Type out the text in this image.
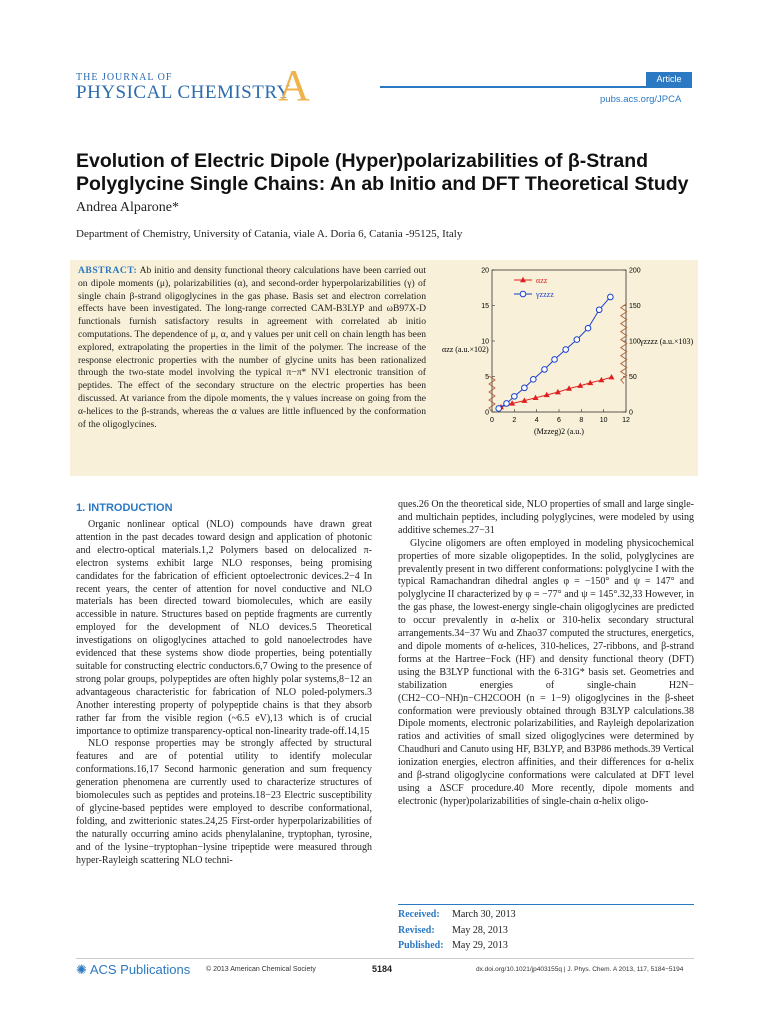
THE JOURNAL OF
PHYSICAL CHEMISTRY
A	Article
pubs.acs.org/JPCA
Evolution of Electric Dipole (Hyper)polarizabilities of β-Strand Polyglycine Single Chains: An ab Initio and DFT Theoretical Study
Andrea Alparone*
Department of Chemistry, University of Catania, viale A. Doria 6, Catania -95125, Italy
ABSTRACT: Ab initio and density functional theory calculations have been carried out on dipole moments (μ), polarizabilities (α), and second-order hyperpolarizabilities (γ) of single chain β-strand oligoglycines in the gas phase. Basis set and electron correlation effects have been investigated. The long-range corrected CAM-B3LYP and ωB97X-D functionals furnish satisfactory results in agreement with correlated ab initio computations. The dependence of μ, α, and γ values per unit cell on chain length has been explored, extrapolating the properties in the limit of the polymer. The increase of the response electronic properties with the number of glycine units has been rationalized through the two-state model involving the typical π−π* NV1 electronic transition of peptides. The effect of the secondary structure on the electric properties has been discussed. At variance from the dipole moments, the γ values increase on going from the α-helices to the β-strands, whereas the α values are little influenced by the conformation of the oligoglycines.	0	2	4	6	8 10 12
0
5
10
15
20
0
50
100
150
200
(Mzzeg)2 (a.u.)
αzz (a.u.×102)
γzzzz (a.u.×103)
αzz
γzzzz
1. INTRODUCTION

Organic nonlinear optical (NLO) compounds have drawn great attention in the past decades toward design and application of photonic and electro-optical materials.1,2 Polymers based on delocalized π-electron systems exhibit large NLO responses, being promising candidates for the fabrication of efficient optoelectronic devices.2−4 In recent years, the center of attention for novel conductive and NLO materials has been directed toward biomolecules, which are easily accessible in nature. Structures based on peptide fragments are currently employed for the development of NLO devices.5 Theoretical investigations on oligoglycines attached to gold nanoelectrodes have evidenced that these systems show diode properties, being potentially suitable for constructing electric conductors.6,7 Owing to the presence of strong polar groups, polypeptides are often highly polar systems,8−12 an advantageous characteristic for fabrication of NLO poled-polymers.3 Another interesting property of polypeptide chains is that they absorb rather far from the visible region (~6.5 eV),13 which is of crucial importance to optimize transparency-optical non-linearity trade-off.14,15

NLO response properties may be strongly affected by structural features and are of potential utility to identify molecular conformations.16,17 Second harmonic generation and sum frequency generation phenomena are currently used to characterize structures of biomolecules such as peptides and proteins.18−23 Electric susceptibility of glycine-based peptides were employed to describe conformational, folding, and zwitterionic states.24,25 First-order hyperpolarizabilities of the naturally occurring amino acids phenylalanine, tryptophan, tyrosine, and of the lysine−tryptophan−lysine tripeptide were measured through hyper-Rayleigh scattering NLO techni-

ques.26 On the theoretical side, NLO properties of small and large single- and multichain peptides, including polyglycines, were modeled by using additive schemes.27−31

Glycine oligomers are often employed in modeling physicochemical properties of more sizable oligopeptides. In the solid, polyglycines are prevalently present in two different conformations: polyglycine I with the typical Ramachandran dihedral angles φ = −150° and ψ = 147° and polyglycine II characterized by φ = −77° and ψ = 145°.32,33 However, in the gas phase, the lowest-energy single-chain oligoglycines are predicted to occur prevalently in α-helix or 310-helix secondary structural arrangements.34−37 Wu and Zhao37 computed the structures, energetics, and dipole moments of α-helices, 310-helices, 27-ribbons, and β-strand forms at the Hartree−Fock (HF) and density functional theory (DFT) using the B3LYP functional with the 6-31G* basis set. Geometries and stabilization energies of single-chain H2N−(CH2−CO−NH)n−CH2COOH (n = 1−9) oligoglycines in the β-sheet conformation were previously obtained through B3LYP calculations.38 Dipole moments, electronic polarizabilities, and Rayleigh depolarization ratios and activities of small sized oligoglycines were determined by Chaudhuri and Canuto using HF, B3LYP, and B3P86 methods.39 Vertical ionization energies, electron affinities, and their differences for α-helix and β-strand oligoglycine conformations were calculated at DFT level using a ΔSCF procedure.40 More recently, dipole moments and electronic (hyper)polarizabilities of single-chain α-helix oligo-

Received: March 30, 2013
Revised: May 28, 2013
Published: May 29, 2013
✺ ACS Publications © 2013 American Chemical Society	5184	dx.doi.org/10.1021/jp403155q | J. Phys. Chem. A 2013, 117, 5184−5194
